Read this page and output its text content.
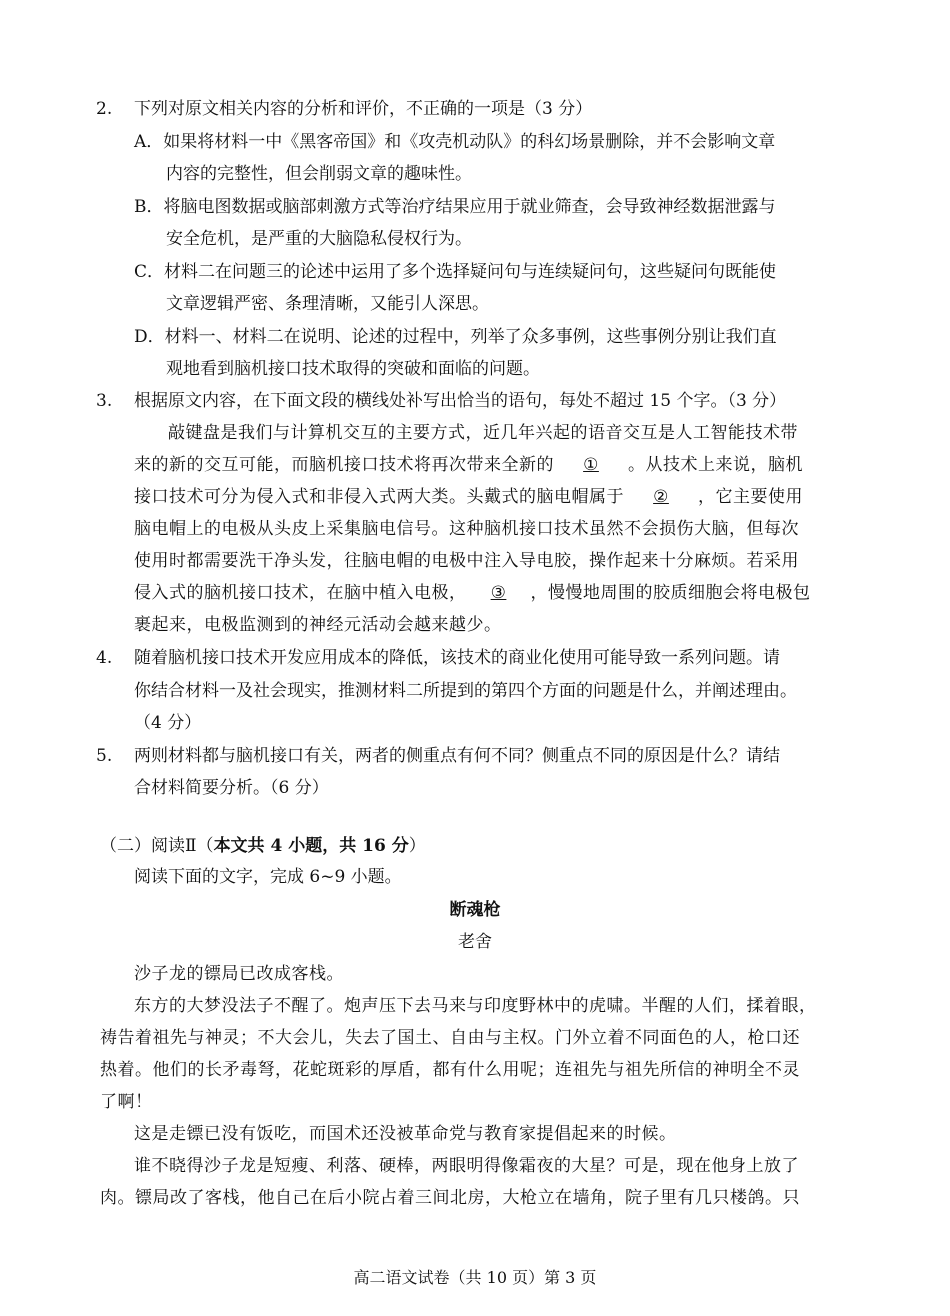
2. 下列对原文相关内容的分析和评价，不正确的一项是（3 分）
A．如果将材料一中《黑客帝国》和《攻壳机动队》的科幻场景删除，并不会影响文章
内容的完整性，但会削弱文章的趣味性。
B．将脑电图数据或脑部刺激方式等治疗结果应用于就业筛查，会导致神经数据泄露与
安全危机，是严重的大脑隐私侵权行为。
C．材料二在问题三的论述中运用了多个选择疑问句与连续疑问句，这些疑问句既能使
文章逻辑严密、条理清晰，又能引人深思。
D．材料一、材料二在说明、论述的过程中，列举了众多事例，这些事例分别让我们直
观地看到脑机接口技术取得的突破和面临的问题。
3. 根据原文内容，在下面文段的横线处补写出恰当的语句，每处不超过 15 个字。（3 分）
敲键盘是我们与计算机交互的主要方式，近几年兴起的语音交互是人工智能技术带
来的新的交互可能，而脑机接口技术将再次带来全新的 ① 。从技术上来说，脑机
接口技术可分为侵入式和非侵入式两大类。头戴式的脑电帽属于 ② ，它主要使用
脑电帽上的电极从头皮上采集脑电信号。这种脑机接口技术虽然不会损伤大脑，但每次
使用时都需要洗干净头发，往脑电帽的电极中注入导电胶，操作起来十分麻烦。若采用
侵入式的脑机接口技术，在脑中植入电极， ③ ，慢慢地周围的胶质细胞会将电极包
裹起来，电极监测到的神经元活动会越来越少。
4. 随着脑机接口技术开发应用成本的降低，该技术的商业化使用可能导致一系列问题。请
你结合材料一及社会现实，推测材料二所提到的第四个方面的问题是什么，并阐述理由。
（4 分）
5. 两则材料都与脑机接口有关，两者的侧重点有何不同？侧重点不同的原因是什么？请结
合材料简要分析。（6 分）
（二）阅读Ⅱ（本文共 4 小题，共 16 分）
阅读下面的文字，完成 6~9 小题。
断魂枪
老舍
沙子龙的镖局已改成客栈。
东方的大梦没法子不醒了。炮声压下去马来与印度野林中的虎啸。半醒的人们，揉着眼，
祷告着祖先与神灵；不大会儿，失去了国土、自由与主权。门外立着不同面色的人，枪口还
热着。他们的长矛毒弩，花蛇斑彩的厚盾，都有什么用呢；连祖先与祖先所信的神明全不灵
了啊！
这是走镖已没有饭吃，而国术还没被革命党与教育家提倡起来的时候。
谁不晓得沙子龙是短瘦、利落、硬棒，两眼明得像霜夜的大星？可是，现在他身上放了
肉。镖局改了客栈，他自己在后小院占着三间北房，大枪立在墙角，院子里有几只楼鸽。只
高二语文试卷（共 10 页）第 3 页
